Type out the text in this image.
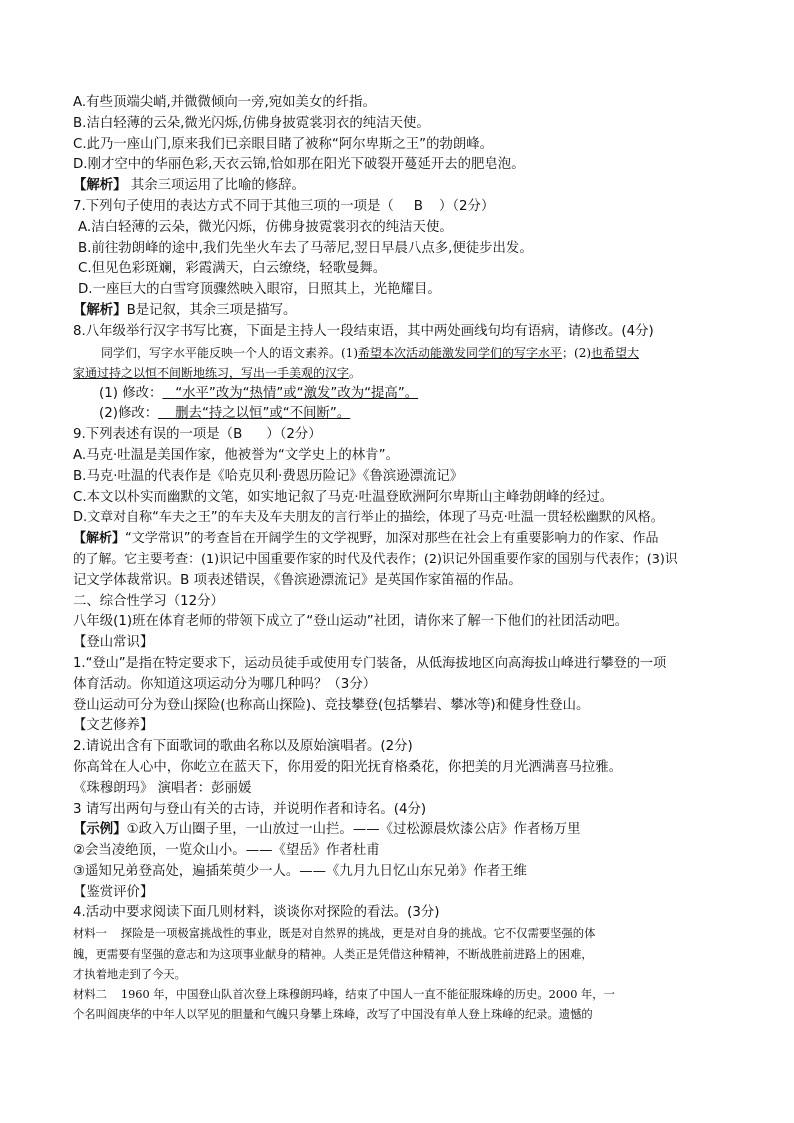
A.有些顶端尖峭,并微微倾向一旁,宛如美女的纤指。
B.洁白轻薄的云朵,微光闪烁,仿佛身披霓裳羽衣的纯洁天使。
C.此乃一座山门,原来我们已亲眼目睹了被称“阿尔卑斯之王”的勃朗峰。
D.刚才空中的华丽色彩,天衣云锦,恰如那在阳光下破裂开蔓延开去的肥皂泡。
【解析】 其余三项运用了比喻的修辞。
7.下列句子使用的表达方式不同于其他三项的一项是（ B ）（2分）
A.洁白轻薄的云朵，微光闪烁，仿佛身披霓裳羽衣的纯洁天使。
B.前往勃朗峰的途中,我们先坐火车去了马蒂尼,翌日早晨八点多,便徒步出发。
C.但见色彩斑斓，彩霞满天，白云缭绕，轻歌曼舞。
D.一座巨大的白雪穹顶骤然映入眼帘，日照其上，光艳耀目。
【解析】B是记叙，其余三项是描写。
8.八年级举行汉字书写比赛，下面是主持人一段结束语，其中两处画线句均有语病，请修改。(4分)
同学们，写字水平能反映一个人的语文素养。(1)希望本次活动能激发同学们的写字水平；(2)也希望大
家通过持之以恒不间断地练习，写出一手美观的汉字。
(1) 修改： “水平”改为“热情”或“激发”改为“提高”。
(2)修改： 删去“持之以恒”或“不间断”。
9.下列表述有误的一项是（B ）（2分）
A.马克·吐温是美国作家，他被誉为“文学史上的林肯”。
B.马克·吐温的代表作是《哈克贝利·费恩历险记》《鲁滨逊漂流记》
C.本文以朴实而幽默的文笔，如实地记叙了马克·吐温登欧洲阿尔卑斯山主峰勃朗峰的经过。
D.文章对自称“车夫之王”的车夫及车夫朋友的言行举止的描绘，体现了马克·吐温一贯轻松幽默的风格。
【解析】“文学常识”的考查旨在开阔学生的文学视野，加深对那些在社会上有重要影响力的作家、作品
的了解。它主要考查：(1)识记中国重要作家的时代及代表作；(2)识记外国重要作家的国别与代表作；(3)识
记文学体裁常识。B 项表述错误，《鲁滨逊漂流记》是英国作家笛福的作品。
二、综合性学习（12分）
八年级(1)班在体育老师的带领下成立了“登山运动”社团，请你来了解一下他们的社团活动吧。
【登山常识】
1.“登山”是指在特定要求下，运动员徒手或使用专门装备，从低海拔地区向高海拔山峰进行攀登的一项
体育活动。你知道这项运动分为哪几种吗？（3分）
登山运动可分为登山探险(也称高山探险)、竞技攀登(包括攀岩、攀冰等)和健身性登山。
【文艺修养】
2.请说出含有下面歌词的歌曲名称以及原始演唱者。(2分)
你高耸在人心中，你屹立在蓝天下，你用爱的阳光抚育格桑花，你把美的月光洒满喜马拉雅。
《珠穆朗玛》 演唱者：彭丽媛
3 请写出两句与登山有关的古诗，并说明作者和诗名。(4分)
【示例】①政入万山圈子里，一山放过一山拦。——《过松源晨炊漆公店》作者杨万里
②会当凌绝顶，一览众山小。——《望岳》作者杜甫
③遥知兄弟登高处，遍插茱萸少一人。——《九月九日忆山东兄弟》作者王维
【鉴赏评价】
4.活动中要求阅读下面几则材料，谈谈你对探险的看法。(3分)
材料一 探险是一项极富挑战性的事业，既是对自然界的挑战，更是对自身的挑战。它不仅需要坚强的体
魄，更需要有坚强的意志和为这项事业献身的精神。人类正是凭借这种精神，不断战胜前进路上的困难，
才执着地走到了今天。
材料二 1960 年，中国登山队首次登上珠穆朗玛峰，结束了中国人一直不能征服珠峰的历史。2000 年，一
个名叫阎庚华的中年人以罕见的胆量和气魄只身攀上珠峰，改写了中国没有单人登上珠峰的纪录。遗憾的
